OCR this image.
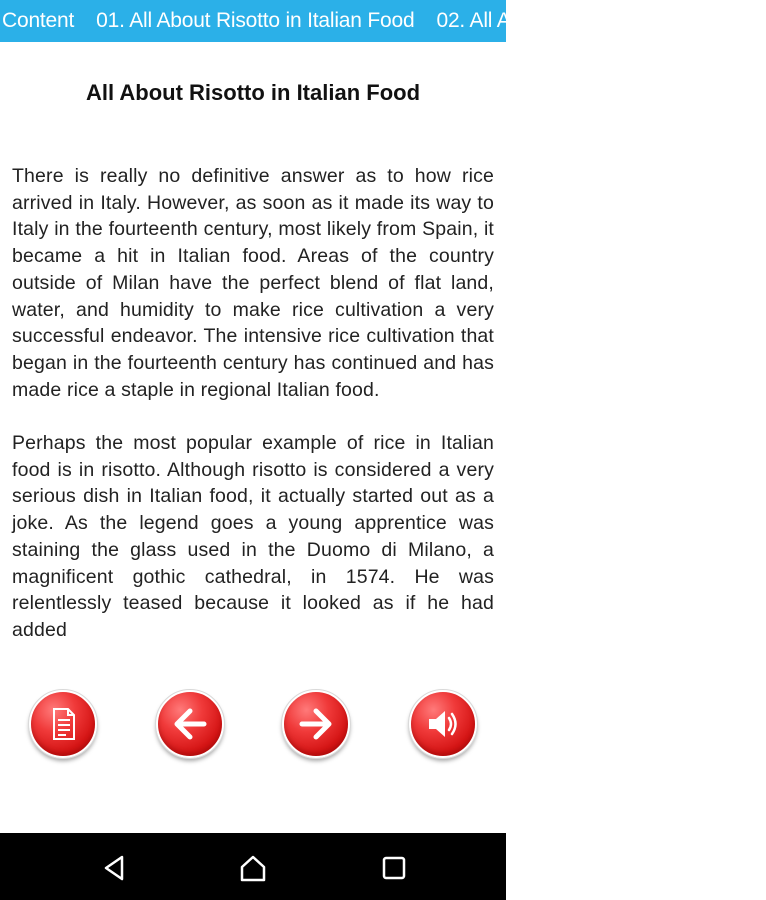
Content	01. All About Risotto in Italian Food	02. All About Risotto in Italian Food
All About Risotto in Italian Food

There is really no definitive answer as to how rice arrived in Italy. However, as soon as it made its way to Italy in the fourteenth century, most likely from Spain, it became a hit in Italian food. Areas of the country outside of Milan have the perfect blend of flat land, water, and humidity to make rice cultivation a very successful endeavor. The intensive rice cultivation that began in the fourteenth century has continued and has made rice a staple in regional Italian food.

Perhaps the most popular example of rice in Italian food is in risotto. Although risotto is considered a very serious dish in Italian food, it actually started out as a joke. As the legend goes a young apprentice was staining the glass used in the Duomo di Milano, a magnificent gothic cathedral, in 1574. He was relentlessly teased because it looked as if he had added
